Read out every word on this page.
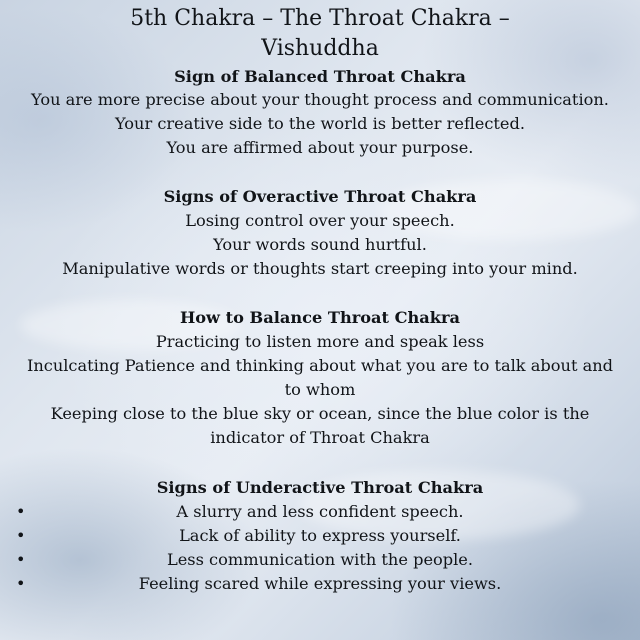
5th Chakra – The Throat Chakra –
Vishuddha
Sign of Balanced Throat Chakra
You are more precise about your thought process and communication.
Your creative side to the world is better reflected.
You are affirmed about your purpose.
Signs of Overactive Throat Chakra
Losing control over your speech.
Your words sound hurtful.
Manipulative words or thoughts start creeping into your mind.
How to Balance Throat Chakra
Practicing to listen more and speak less
Inculcating Patience and thinking about what you are to talk about and
to whom
Keeping close to the blue sky or ocean, since the blue color is the
indicator of Throat Chakra
Signs of Underactive Throat Chakra
•	A slurry and less confident speech.
•	Lack of ability to express yourself.
•	Less communication with the people.
•	Feeling scared while expressing your views.
